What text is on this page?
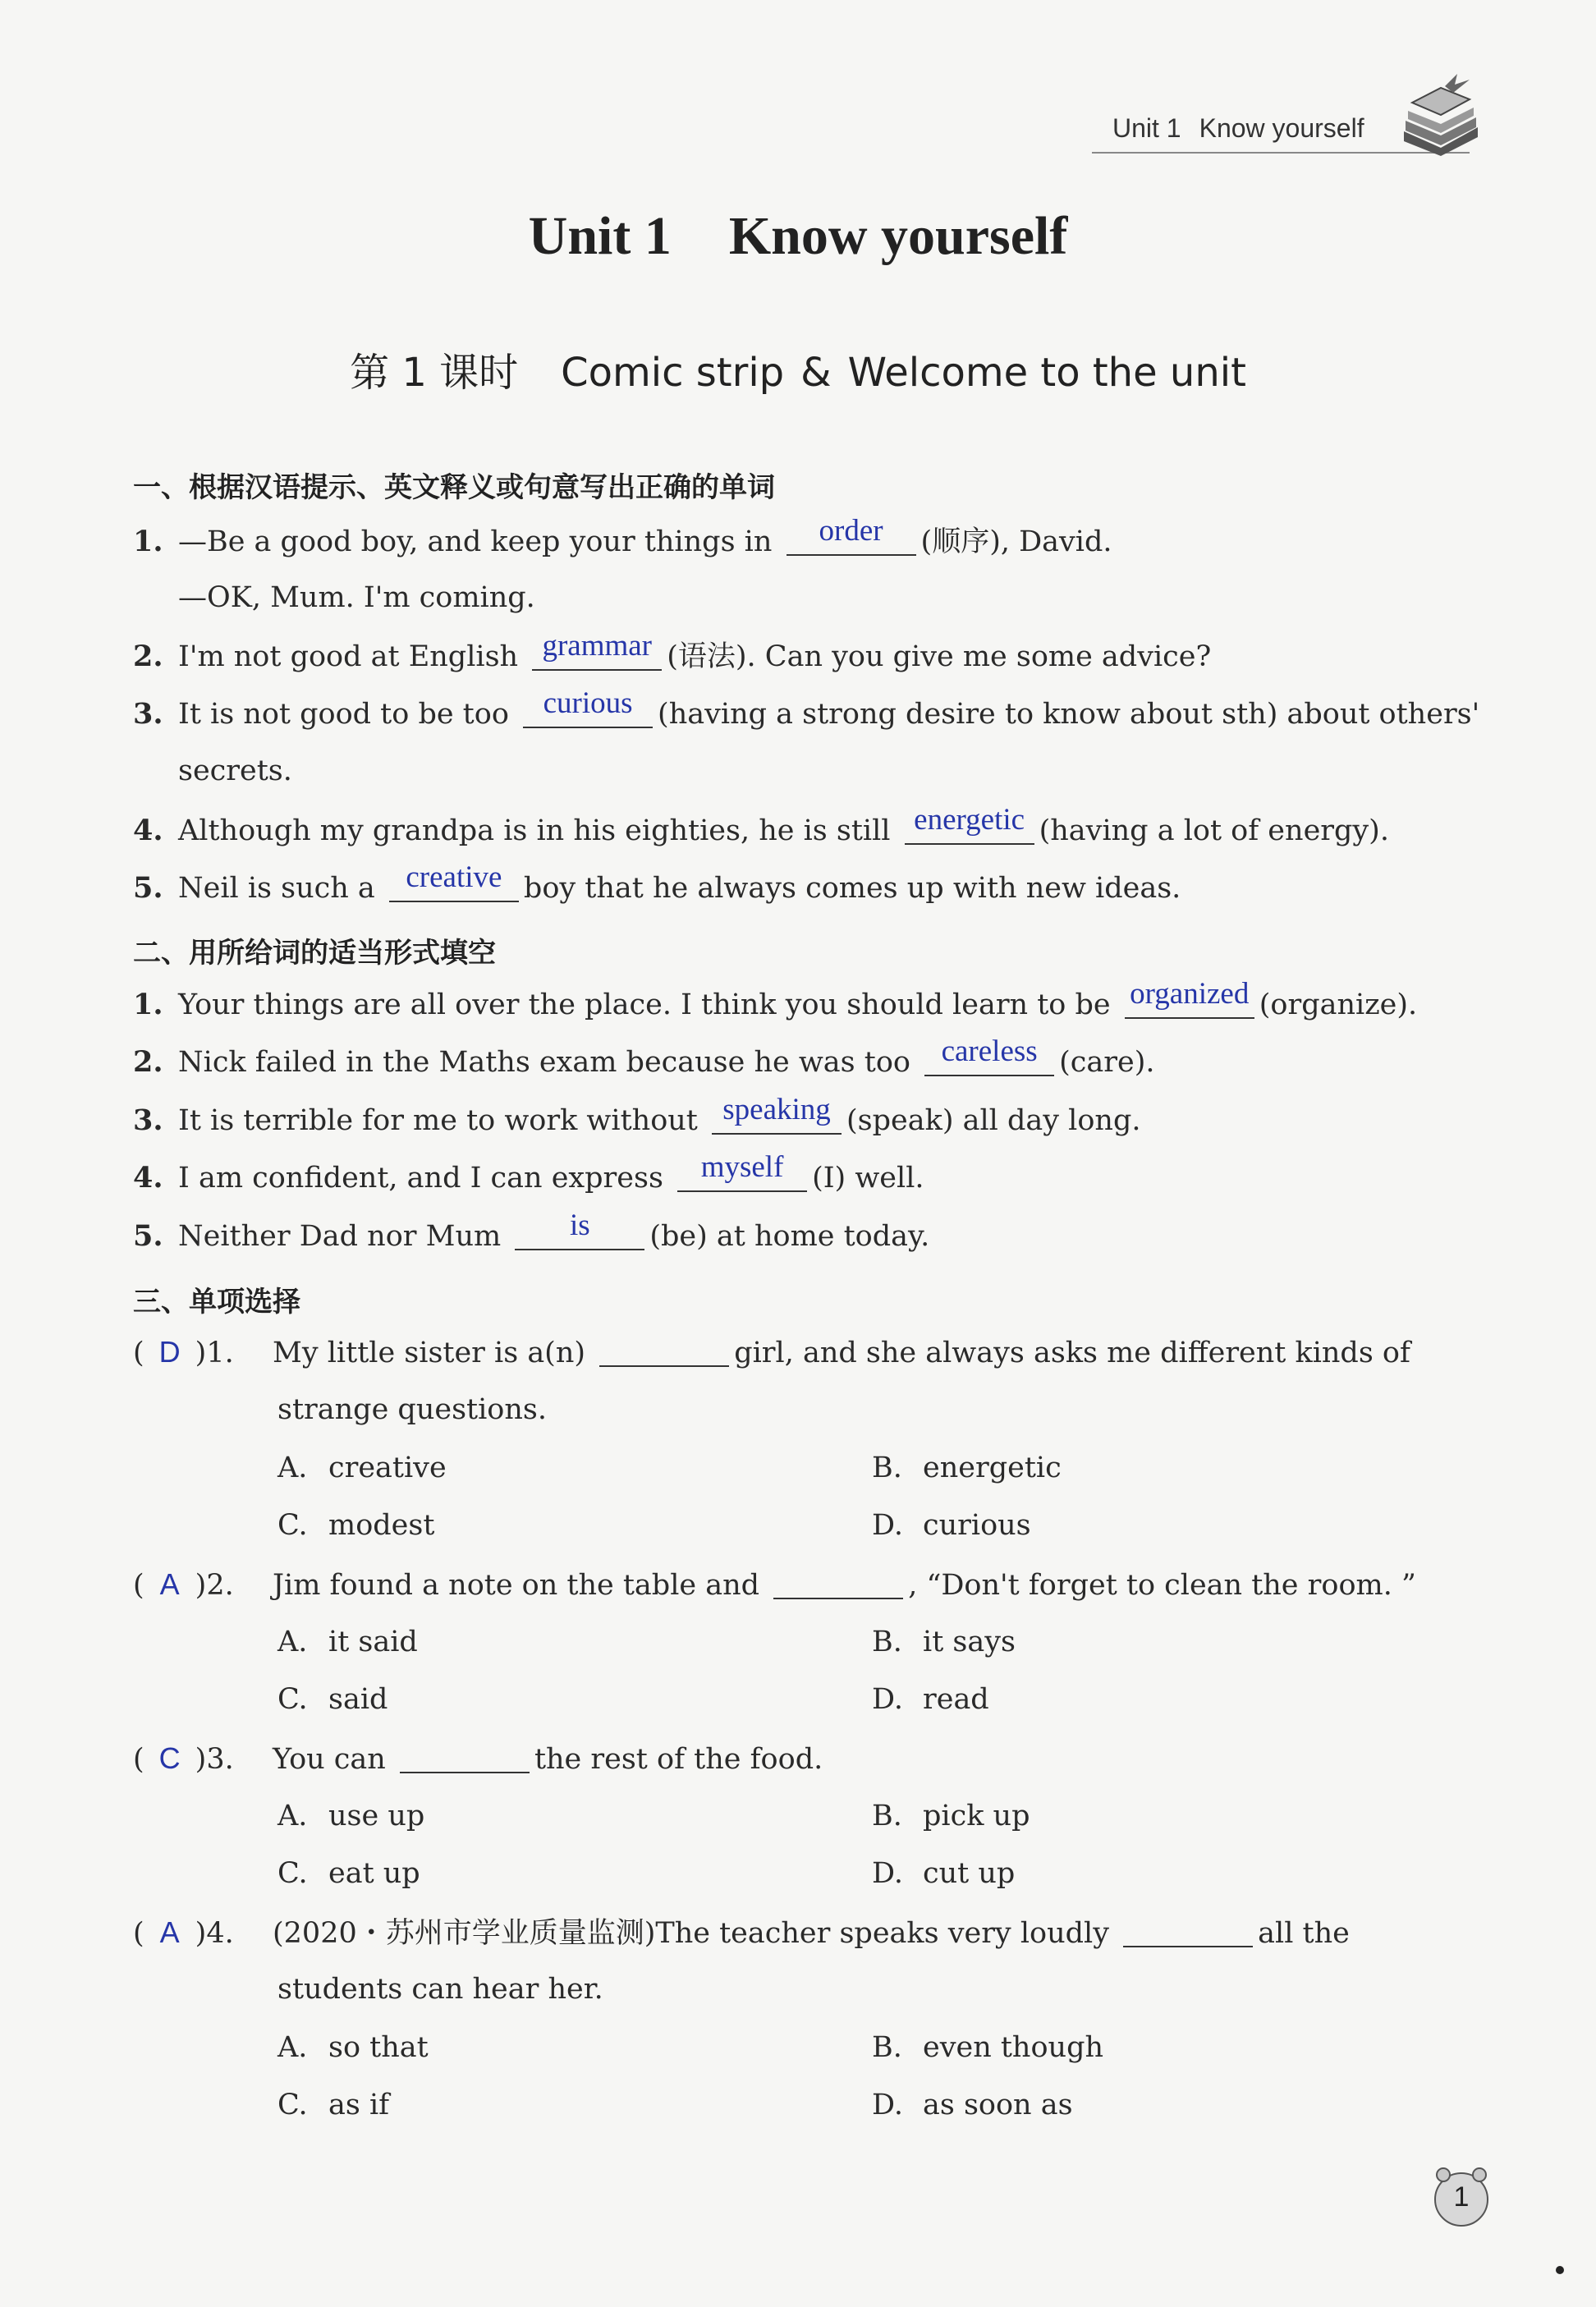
Unit 1 Know yourself
Unit 1 Know yourself
第 1 课时 Comic strip & Welcome to the unit
一、根据汉语提示、英文释义或句意写出正确的单词
1. —Be a good boy, and keep your things in	order	(顺序), David.
—OK, Mum. I'm coming.
2. I'm not good at English grammar (语法). Can you give me some advice?
3. It is not good to be too	curious (having a strong desire to know about sth) about others'
secrets.
4. Although my grandpa is in his eighties, he is still energetic (having a lot of energy).
5. Neil is such a	creative boy that he always comes up with new ideas.
二、用所给词的适当形式填空
1. Your things are all over the place. I think you should learn to be organized (organize).
2. Nick failed in the Maths exam because he was too	careless (care).
3. It is terrible for me to work without speaking (speak) all day long.
4. I am confident, and I can express	myself (I) well.
5. Neither Dad nor Mum	is	(be) at home today.
三、单项选择
( D )1. My little sister is a(n)	girl, and she always asks me different kinds of
strange questions.
A. creative	B. energetic
C. modest	D. curious
( A )2. Jim found a note on the table and	, “Don't forget to clean the room. ”
A. it said	B. it says
C. said	D. read
( C )3. You can	the rest of the food.
A. use up	B. pick up
C. eat up	D. cut up
( A )4. (2020・苏州市学业质量监测)The teacher speaks very loudly	all the
students can hear her.
A. so that	B. even though
C. as if	D. as soon as
1
